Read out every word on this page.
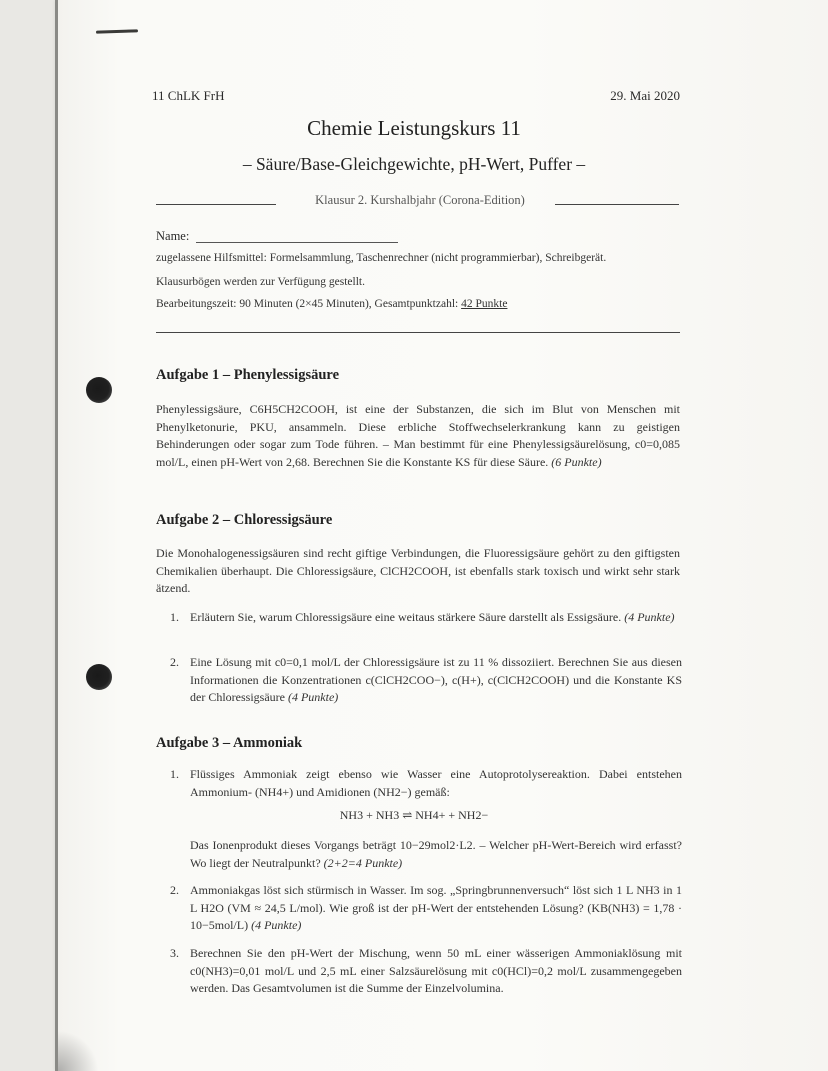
11 ChLK FrH	29. Mai 2020
Chemie Leistungskurs 11
– Säure/Base-Gleichgewichte, pH-Wert, Puffer –
Klausur 2. Kurshalbjahr (Corona-Edition)
Name:
zugelassene Hilfsmittel: Formelsammlung, Taschenrechner (nicht programmierbar), Schreibgerät.
Klausurbögen werden zur Verfügung gestellt.
Bearbeitungszeit: 90 Minuten (2×45 Minuten), Gesamtpunktzahl: 42 Punkte
Aufgabe 1 – Phenylessigsäure
Phenylessigsäure, C6H5CH2COOH, ist eine der Substanzen, die sich im Blut von Menschen mit Phenylketonurie, PKU, ansammeln. Diese erbliche Stoffwechselerkrankung kann zu geistigen Behinderungen oder sogar zum Tode führen. – Man bestimmt für eine Phenylessigsäurelösung, c0=0,085 mol/L, einen pH-Wert von 2,68. Berechnen Sie die Konstante KS für diese Säure. (6 Punkte)
Aufgabe 2 – Chloressigsäure
Die Monohalogenessigsäuren sind recht giftige Verbindungen, die Fluoressigsäure gehört zu den giftigsten Chemikalien überhaupt. Die Chloressigsäure, ClCH2COOH, ist ebenfalls stark toxisch und wirkt sehr stark ätzend.
1. Erläutern Sie, warum Chloressigsäure eine weitaus stärkere Säure darstellt als Essigsäure. (4 Punkte)
2. Eine Lösung mit c0=0,1 mol/L der Chloressigsäure ist zu 11 % dissoziiert. Berechnen Sie aus diesen Informationen die Konzentrationen c(ClCH2COO−), c(H+), c(ClCH2COOH) und die Konstante KS der Chloressigsäure (4 Punkte)
Aufgabe 3 – Ammoniak
1. Flüssiges Ammoniak zeigt ebenso wie Wasser eine Autoprotolysereaktion. Dabei entstehen Ammonium- (NH4+) und Amidionen (NH2−) gemäß:
NH3 + NH3 ⇌ NH4+ + NH2−
Das Ionenprodukt dieses Vorgangs beträgt 10−29mol2·L2. – Welcher pH-Wert-Bereich wird erfasst? Wo liegt der Neutralpunkt? (2+2=4 Punkte)
2. Ammoniakgas löst sich stürmisch in Wasser. Im sog. „Springbrunnenversuch“ löst sich 1 L NH3 in 1 L H2O (VM ≈ 24,5 L/mol). Wie groß ist der pH-Wert der entstehenden Lösung? (KB(NH3) = 1,78 · 10−5mol/L) (4 Punkte)
3. Berechnen Sie den pH-Wert der Mischung, wenn 50 mL einer wässerigen Ammoniaklösung mit c0(NH3)=0,01 mol/L und 2,5 mL einer Salzsäurelösung mit c0(HCl)=0,2 mol/L zusammengegeben werden. Das Gesamtvolumen ist die Summe der Einzelvolumina.
